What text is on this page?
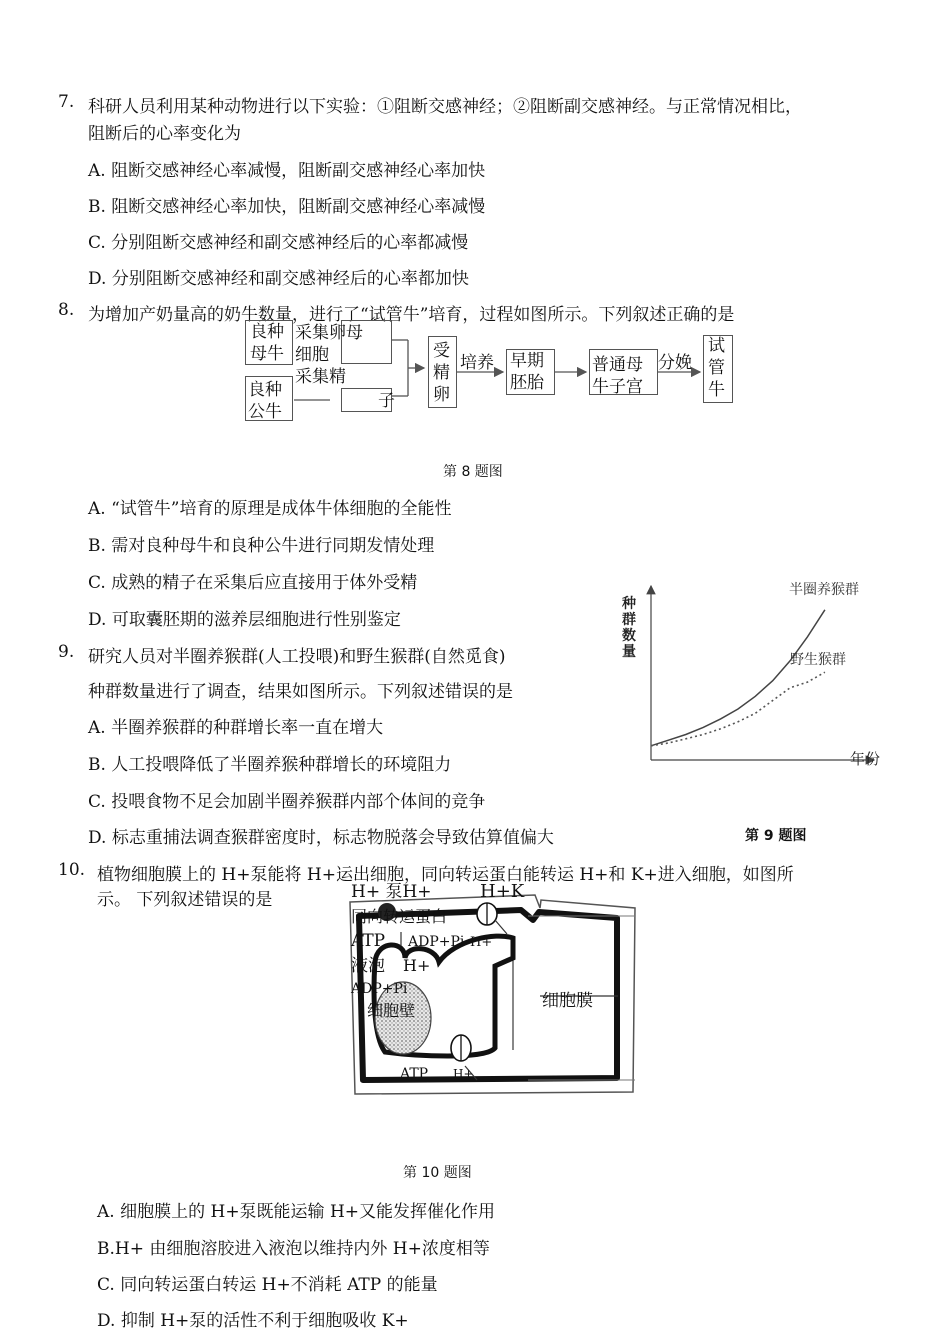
7. 科研人员利用某种动物进行以下实验：①阻断交感神经；②阻断副交感神经。与正常情况相比，
阻断后的心率变化为
A. 阻断交感神经心率减慢，阻断副交感神经心率加快
B. 阻断交感神经心率加快，阻断副交感神经心率减慢
C. 分别阻断交感神经和副交感神经后的心率都减慢
D. 分别阻断交感神经和副交感神经后的心率都加快
8. 为增加产奶量高的奶牛数量，进行了“试管牛”培育，过程如图所示。下列叙述正确的是
良种
母牛
采集卵母
细胞
采集精
良种
公牛
子
受
精
卵
培养 早期
胚胎
普通母
牛子宫
分娩
试
管
牛
第 8 题图
A. “试管牛”培育的原理是成体牛体细胞的全能性
B. 需对良种母牛和良种公牛进行同期发情处理
C. 成熟的精子在采集后应直接用于体外受精
D. 可取囊胚期的滋养层细胞进行性别鉴定
9. 研究人员对半圈养猴群(人工投喂)和野生猴群(自然觅食)
种群数量进行了调查，结果如图所示。下列叙述错误的是
A. 半圈养猴群的种群增长率一直在增大
B. 人工投喂降低了半圈养猴种群增长的环境阻力
C. 投喂食物不足会加剧半圈养猴群内部个体间的竞争
D. 标志重捕法调查猴群密度时，标志物脱落会导致估算值偏大
种
群
数
量
年份
半圈养猴群
野生猴群
第 9 题图
10. 植物细胞膜上的 H+泵能将 H+运出细胞，同向转运蛋白能转运 H+和 K+进入细胞，如图所
示。 下列叙述错误的是	H+ 泵H+	H+K
同向转运蛋白
ATP ADP+Pi H+
液泡 H+
ADP+Pi
细胞壁
ATP H+
细胞膜
第 10 题图
A. 细胞膜上的 H+泵既能运输 H+又能发挥催化作用
B.H+ 由细胞溶胶进入液泡以维持内外 H+浓度相等
C. 同向转运蛋白转运 H+不消耗 ATP 的能量
D. 抑制 H+泵的活性不利于细胞吸收 K+
